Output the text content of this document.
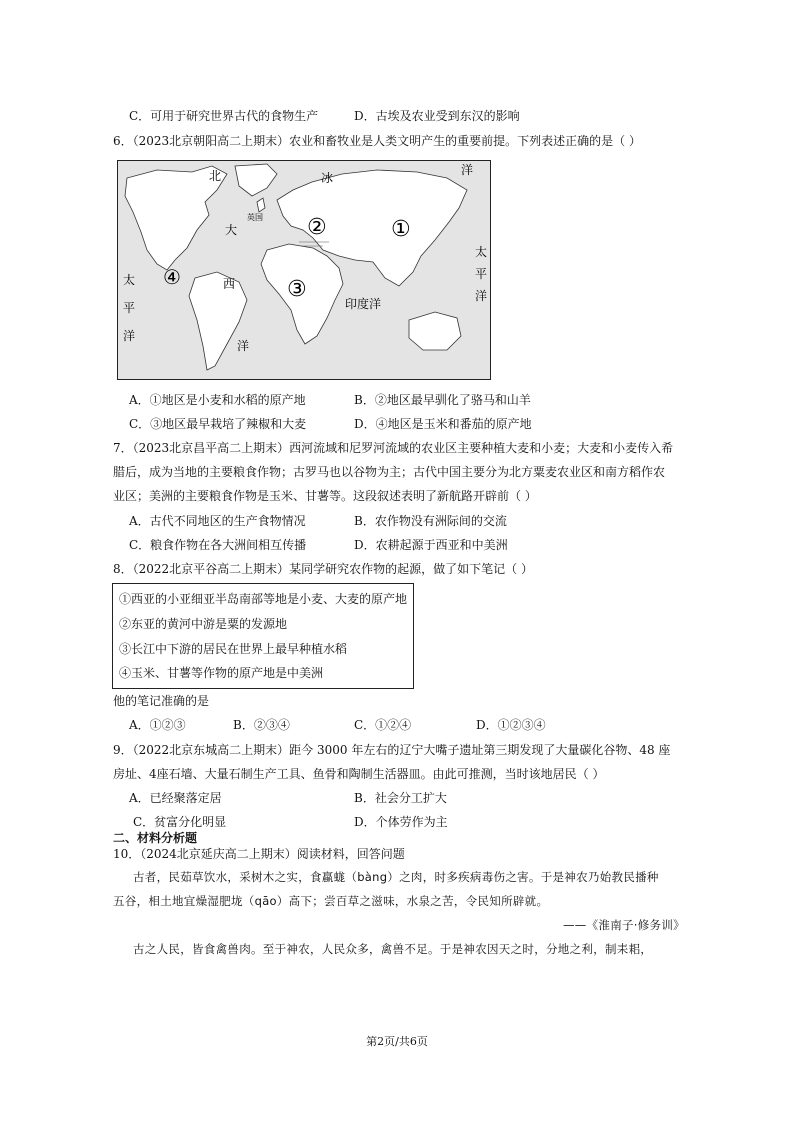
C．可用于研究世界古代的食物生产	D．古埃及农业受到东汉的影响
6．（2023北京朝阳高二上期末）农业和畜牧业是人类文明产生的重要前提。下列表述正确的是（ ）
北	冰
洋
大
西
太
平
洋
印度洋
洋
太
平
洋
英国	①
②
③
④
A．①地区是小麦和水稻的原产地	B．②地区最早驯化了骆马和山羊
C．③地区最早栽培了辣椒和大麦	D．④地区是玉米和番茄的原产地
7．（2023北京昌平高二上期末）西河流域和尼罗河流域的农业区主要种植大麦和小麦；大麦和小麦传入希
腊后，成为当地的主要粮食作物；古罗马也以谷物为主；古代中国主要分为北方粟麦农业区和南方稻作农
业区；美洲的主要粮食作物是玉米、甘薯等。这段叙述表明了新航路开辟前（ ）
A．古代不同地区的生产食物情况	B．农作物没有洲际间的交流
C．粮食作物在各大洲间相互传播	D．农耕起源于西亚和中美洲
8．（2022北京平谷高二上期末）某同学研究农作物的起源，做了如下笔记（ ）
①西亚的小亚细亚半岛南部等地是小麦、大麦的原产地
②东亚的黄河中游是粟的发源地
③长江中下游的居民在世界上最早种植水稻
④玉米、甘薯等作物的原产地是中美洲
他的笔记准确的是
A．①②③	B．②③④	C．①②④	D．①②③④
9．（2022北京东城高二上期末）距今 3000 年左右的辽宁大嘴子遗址第三期发现了大量碳化谷物、48 座
房址、4座石墙、大量石制生产工具、鱼骨和陶制生活器皿。由此可推测，当时该地居民（ ）
A．已经聚落定居	B．社会分工扩大
C．贫富分化明显	D．个体劳作为主
二、材料分析题
10．（2024北京延庆高二上期末）阅读材料，回答问题
古者，民茹草饮水，采树木之实，食蠃蛖（bàng）之肉，时多疾病毒伤之害。于是神农乃始教民播种
五谷，相土地宜燥湿肥垅（qāo）高下；尝百草之滋味，水泉之苦，令民知所辟就。
——《淮南子·修务训》
古之人民，皆食禽兽肉。至于神农，人民众多，禽兽不足。于是神农因天之时，分地之利，制耒耜，
第2页/共6页
